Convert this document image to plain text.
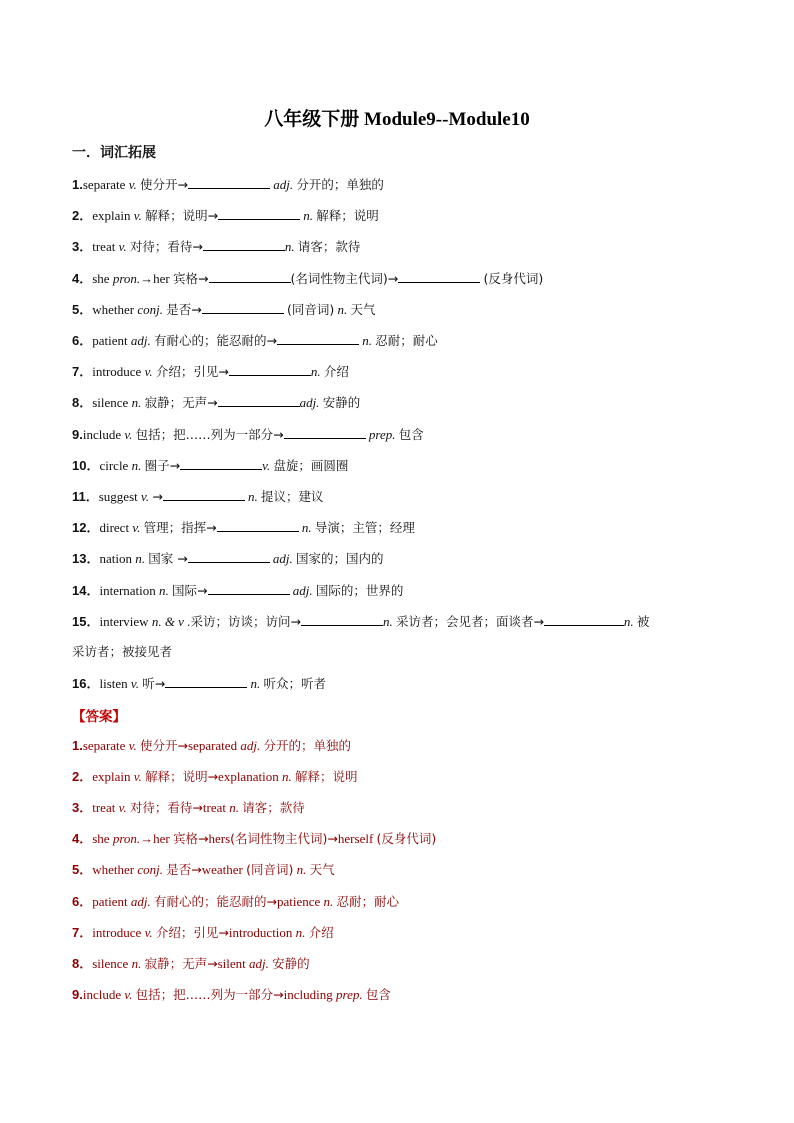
八年级下册 Module9--Module10
一．词汇拓展
1.separate v. 使分开→	adj. 分开的；单独的
2．explain v. 解释；说明→	n. 解释；说明
3．treat v. 对待；看待→	n. 请客；款待
4．she pron.→her 宾格→	(名词性物主代词)→	(反身代词)
5．whether conj. 是否→	(同音词) n. 天气
6．patient adj. 有耐心的；能忍耐的→	n. 忍耐；耐心
7．introduce v. 介绍；引见→	n. 介绍
8．silence n. 寂静；无声→	adj. 安静的
9.include v. 包括；把……列为一部分→	prep. 包含
10．circle n. 圈子→	v. 盘旋；画圆圈
11．suggest v. →	n. 提议；建议
12．direct v. 管理；指挥→	n. 导演；主管；经理
13．nation n. 国家 →	adj. 国家的；国内的
14．internation n. 国际→	adj. 国际的；世界的
15．interview n. & v .采访；访谈；访问→	n. 采访者；会见者；面谈者→	n. 被
采访者；被接见者
16．listen v. 听→	n. 听众；听者
【答案】
1.separate v. 使分开→separated adj. 分开的；单独的
2．explain v. 解释；说明→explanation n. 解释；说明
3．treat v. 对待；看待→treat n. 请客；款待
4．she pron.→her 宾格→hers(名词性物主代词)→herself (反身代词)
5．whether conj. 是否→weather (同音词) n. 天气
6．patient adj. 有耐心的；能忍耐的→patience n. 忍耐；耐心
7．introduce v. 介绍；引见→introduction n. 介绍
8．silence n. 寂静；无声→silent adj. 安静的
9.include v. 包括；把……列为一部分→including prep. 包含
